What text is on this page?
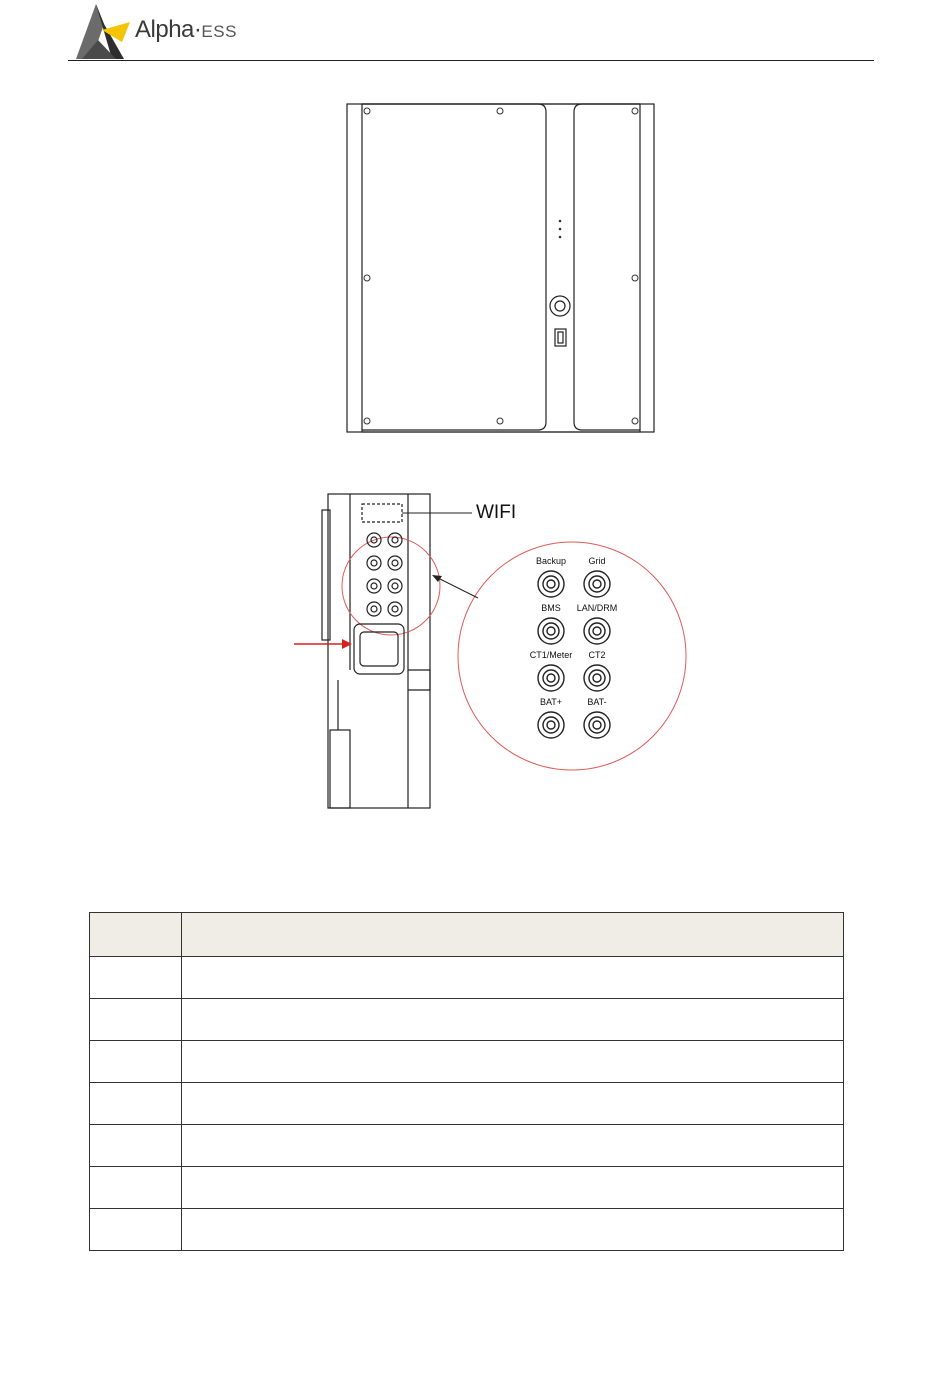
Alpha·ESS
Backup Grid
BMS LAN/DRM
CT1/Meter CT2
BAT+	BAT-
WIFI
